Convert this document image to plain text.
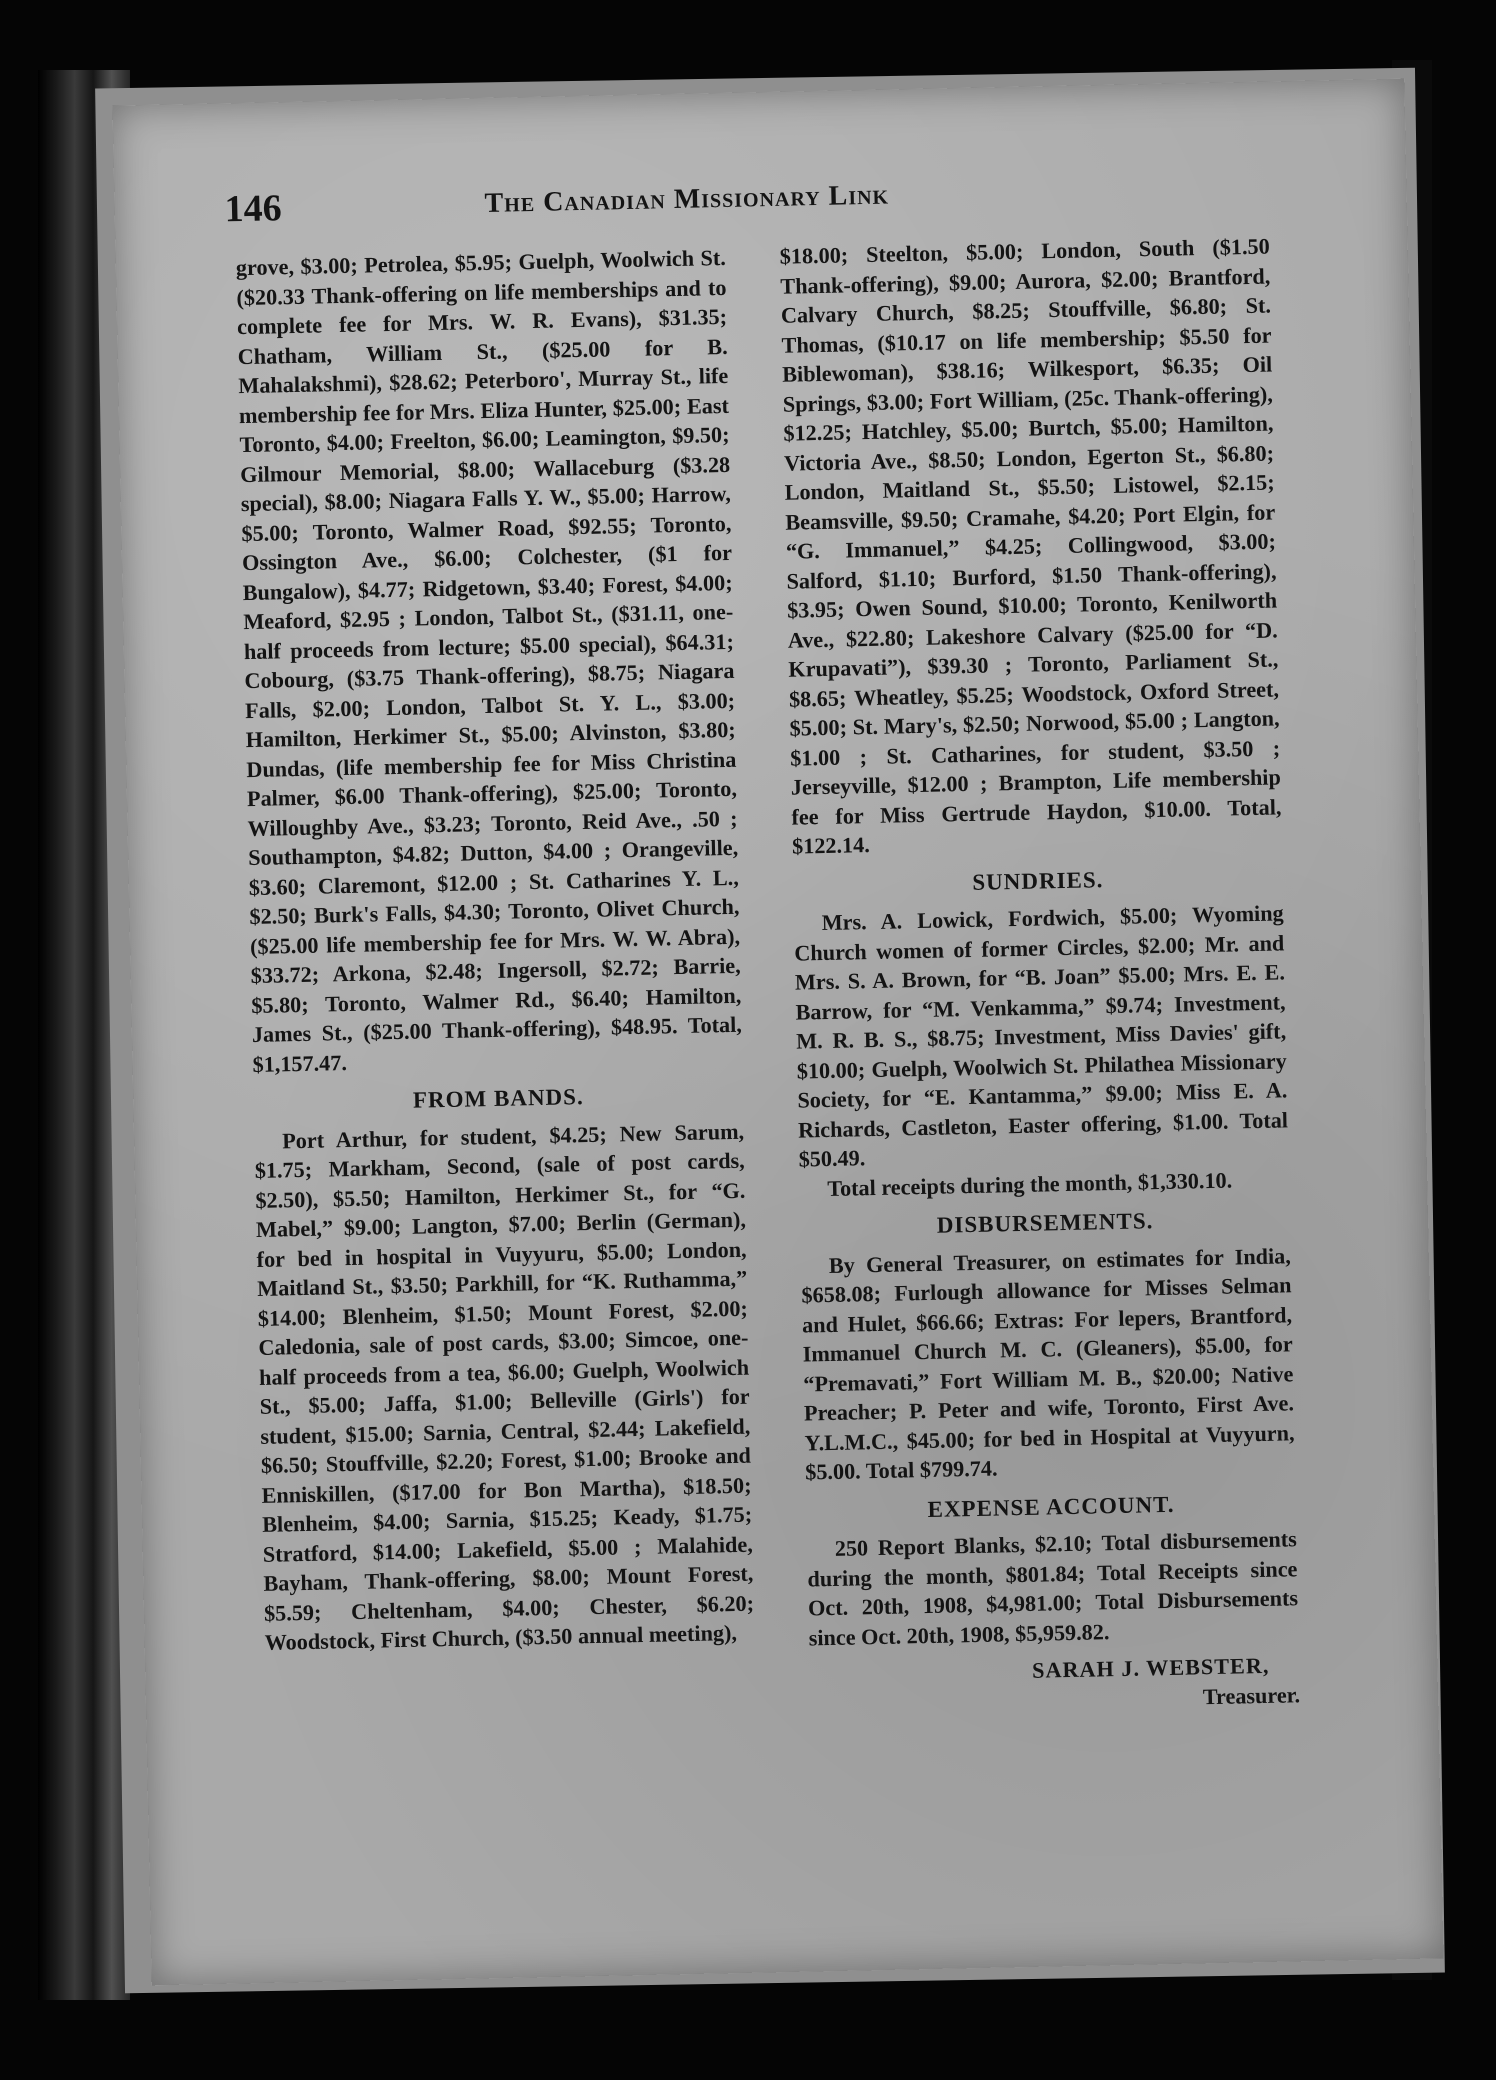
146	The Canadian Missionary Link

grove, $3.00; Petrolea, $5.95; Guelph, Woolwich St. ($20.33 Thank-offering on life memberships and to complete fee for Mrs. W. R. Evans), $31.35; Chatham, William St., ($25.00 for B. Mahalakshmi), $28.62; Peterboro', Murray St., life membership fee for Mrs. Eliza Hunter, $25.00; East Toronto, $4.00; Freelton, $6.00; Leamington, $9.50; Gilmour Memorial, $8.00; Wallaceburg ($3.28 special), $8.00; Niagara Falls Y. W., $5.00; Harrow, $5.00; Toronto, Walmer Road, $92.55; Toronto, Ossington Ave., $6.00; Colchester, ($1 for Bungalow), $4.77; Ridgetown, $3.40; Forest, $4.00; Meaford, $2.95 ; London, Talbot St., ($31.11, one-half proceeds from lecture; $5.00 special), $64.31; Cobourg, ($3.75 Thank-offering), $8.75; Niagara Falls, $2.00; London, Talbot St. Y. L., $3.00; Hamilton, Herkimer St., $5.00; Alvinston, $3.80; Dundas, (life membership fee for Miss Christina Palmer, $6.00 Thank-offering), $25.00; Toronto, Willoughby Ave., $3.23; Toronto, Reid Ave., .50 ; Southampton, $4.82; Dutton, $4.00 ; Orangeville, $3.60; Claremont, $12.00 ; St. Catharines Y. L., $2.50; Burk's Falls, $4.30; Toronto, Olivet Church, ($25.00 life membership fee for Mrs. W. W. Abra), $33.72; Arkona, $2.48; Ingersoll, $2.72; Barrie, $5.80; Toronto, Walmer Rd., $6.40; Hamilton, James St., ($25.00 Thank-offering), $48.95. Total, $1,157.47.

FROM BANDS.

Port Arthur, for student, $4.25; New Sarum, $1.75; Markham, Second, (sale of post cards, $2.50), $5.50; Hamilton, Herkimer St., for “G. Mabel,” $9.00; Langton, $7.00; Berlin (German), for bed in hospital in Vuyyuru, $5.00; London, Maitland St., $3.50; Parkhill, for “K. Ruthamma,” $14.00; Blenheim, $1.50; Mount Forest, $2.00; Caledonia, sale of post cards, $3.00; Simcoe, one-half proceeds from a tea, $6.00; Guelph, Woolwich St., $5.00; Jaffa, $1.00; Belleville (Girls') for student, $15.00; Sarnia, Central, $2.44; Lakefield, $6.50; Stouffville, $2.20; Forest, $1.00; Brooke and Enniskillen, ($17.00 for Bon Martha), $18.50; Blenheim, $4.00; Sarnia, $15.25; Keady, $1.75; Stratford, $14.00; Lakefield, $5.00 ; Malahide, Bayham, Thank-offering, $8.00; Mount Forest, $5.59; Cheltenham, $4.00; Chester, $6.20; Woodstock, First Church, ($3.50 annual meeting),

$18.00; Steelton, $5.00; London, South ($1.50 Thank-offering), $9.00; Aurora, $2.00; Brantford, Calvary Church, $8.25; Stouffville, $6.80; St. Thomas, ($10.17 on life membership; $5.50 for Biblewoman), $38.16; Wilkesport, $6.35; Oil Springs, $3.00; Fort William, (25c. Thank-offering), $12.25; Hatchley, $5.00; Burtch, $5.00; Hamilton, Victoria Ave., $8.50; London, Egerton St., $6.80; London, Maitland St., $5.50; Listowel, $2.15; Beamsville, $9.50; Cramahe, $4.20; Port Elgin, for “G. Immanuel,” $4.25; Collingwood, $3.00; Salford, $1.10; Burford, $1.50 Thank-offering), $3.95; Owen Sound, $10.00; Toronto, Kenilworth Ave., $22.80; Lakeshore Calvary ($25.00 for “D. Krupavati”), $39.30 ; Toronto, Parliament St., $8.65; Wheatley, $5.25; Woodstock, Oxford Street, $5.00; St. Mary's, $2.50; Norwood, $5.00 ; Langton, $1.00 ; St. Catharines, for student, $3.50 ; Jerseyville, $12.00 ; Brampton, Life membership fee for Miss Gertrude Haydon, $10.00. Total, $122.14.

SUNDRIES.

Mrs. A. Lowick, Fordwich, $5.00; Wyoming Church women of former Circles, $2.00; Mr. and Mrs. S. A. Brown, for “B. Joan” $5.00; Mrs. E. E. Barrow, for “M. Venkamma,” $9.74; Investment, M. R. B. S., $8.75; Investment, Miss Davies' gift, $10.00; Guelph, Woolwich St. Philathea Missionary Society, for “E. Kantamma,” $9.00; Miss E. A. Richards, Castleton, Easter offering, $1.00. Total $50.49.

Total receipts during the month, $1,330.10.

DISBURSEMENTS.

By General Treasurer, on estimates for India, $658.08; Furlough allowance for Misses Selman and Hulet, $66.66; Extras: For lepers, Brantford, Immanuel Church M. C. (Gleaners), $5.00, for “Premavati,” Fort William M. B., $20.00; Native Preacher; P. Peter and wife, Toronto, First Ave. Y.L.M.C., $45.00; for bed in Hospital at Vuyyurn, $5.00. Total $799.74.

EXPENSE ACCOUNT.

250 Report Blanks, $2.10; Total disbursements during the month, $801.84; Total Receipts since Oct. 20th, 1908, $4,981.00; Total Disbursements since Oct. 20th, 1908, $5,959.82.

SARAH J. WEBSTER,
Treasurer.
